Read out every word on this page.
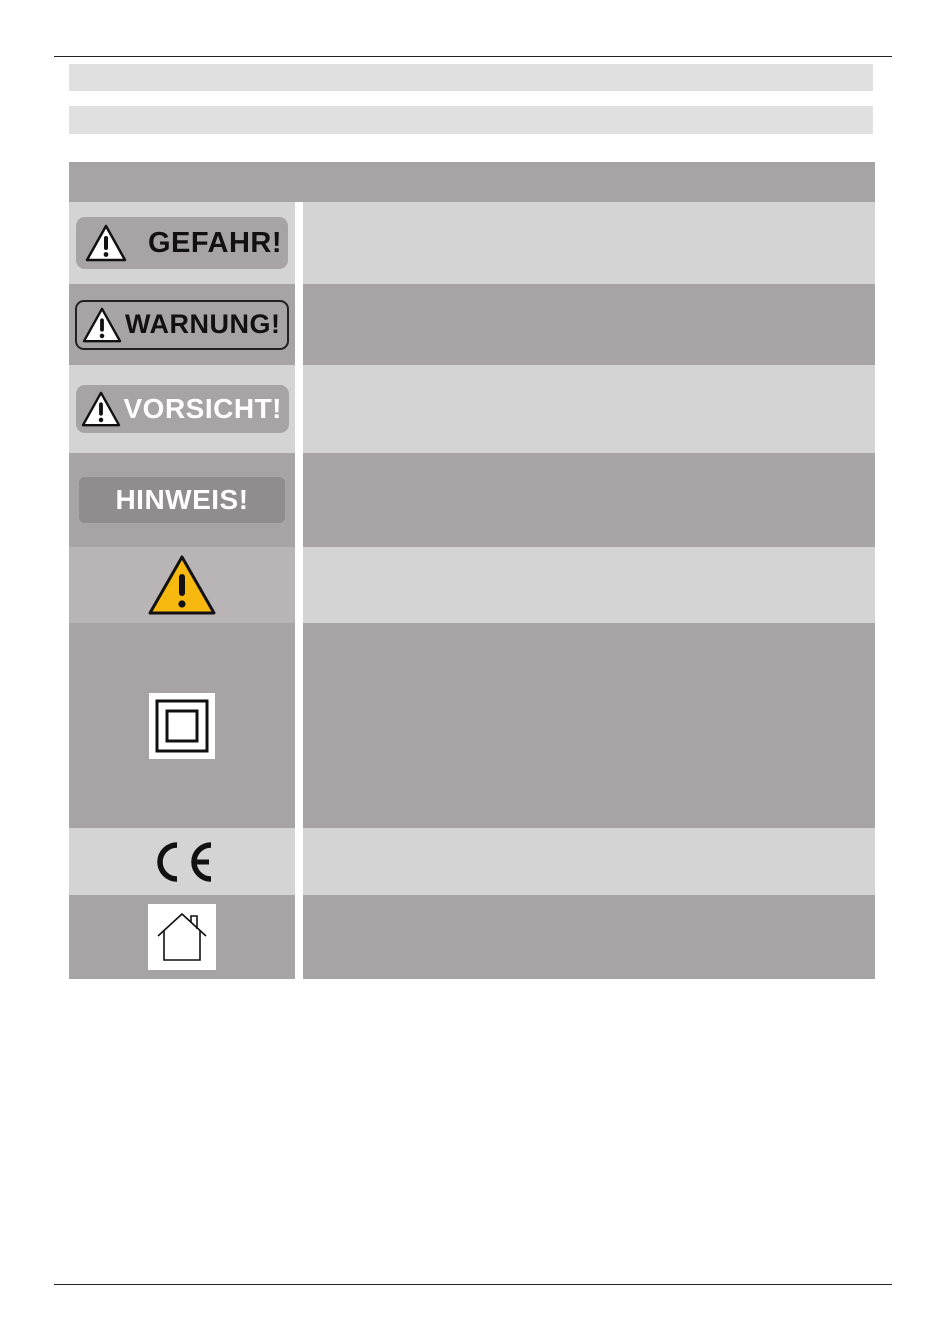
GEFAHR!
WARNUNG!
VORSICHT!
HINWEIS!
